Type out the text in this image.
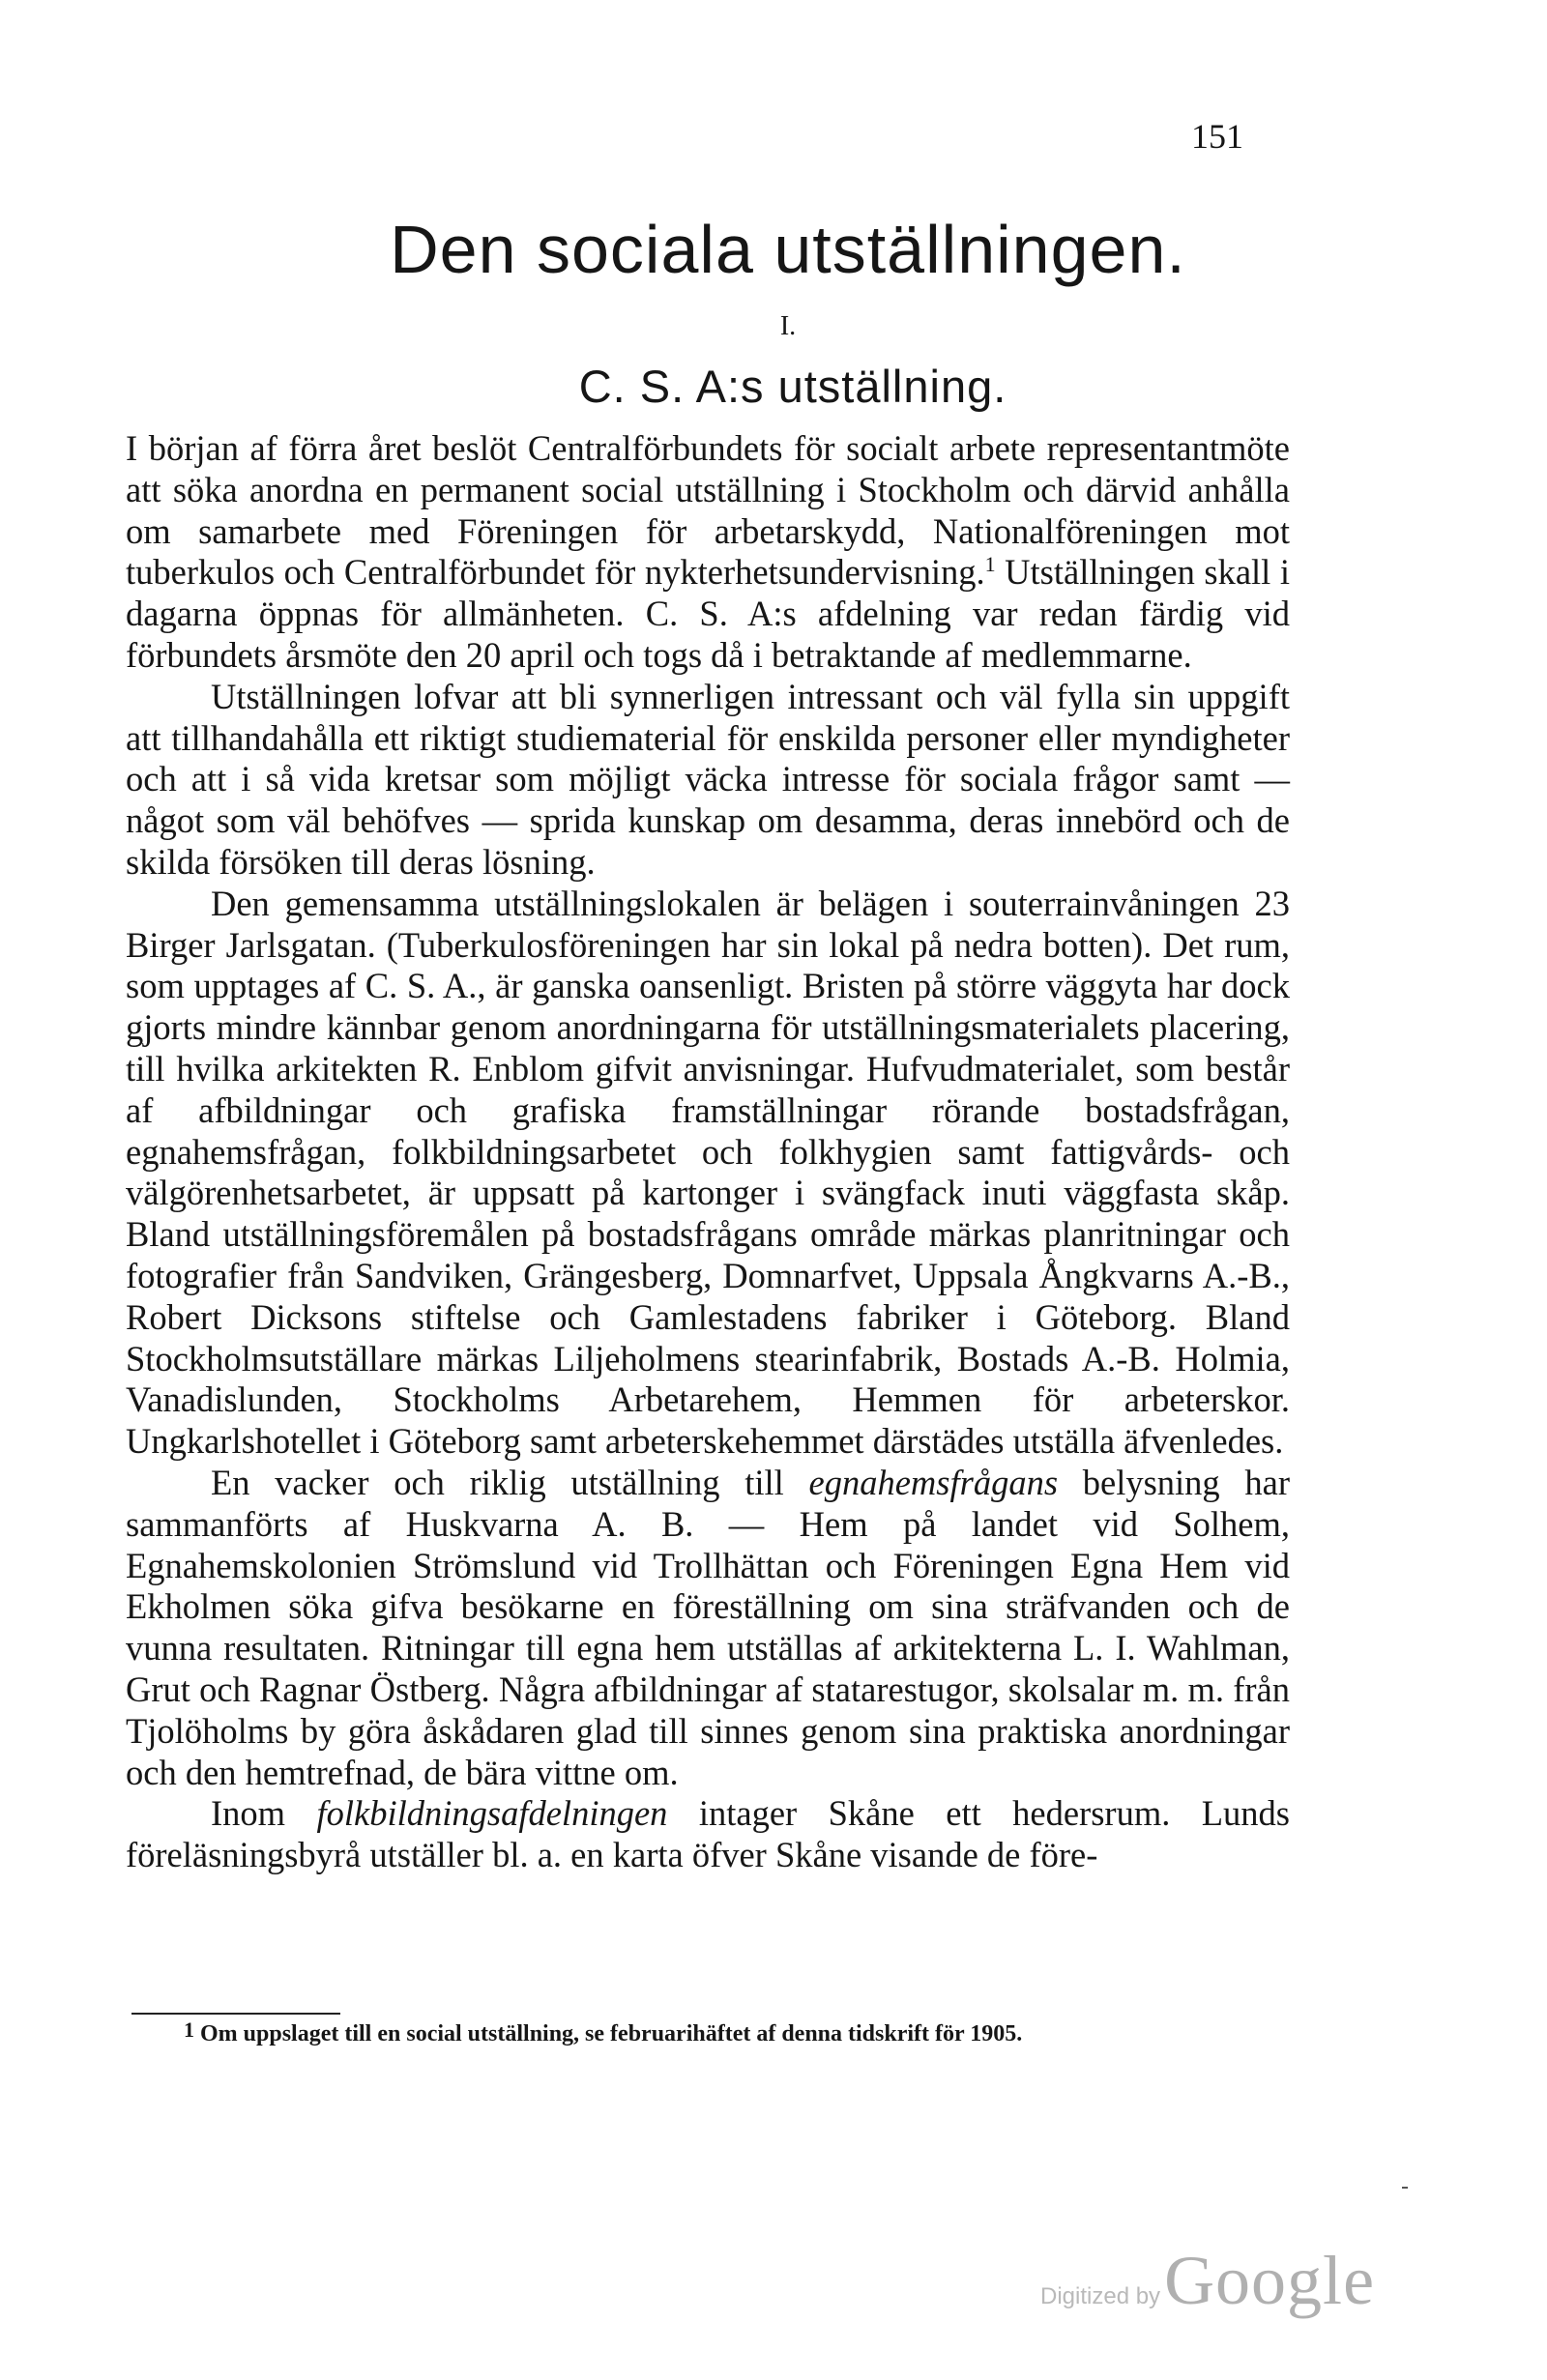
151
Den sociala utställningen.
I.
C. S. A:s utställning.

I början af förra året beslöt Centralförbundets för socialt arbete representantmöte att söka anordna en permanent social utställning i Stockholm och därvid anhålla om samarbete med Föreningen för arbetarskydd, Nationalföreningen mot tuberkulos och Centralförbundet för nykterhetsundervisning.$^1$ Utställningen skall i dagarna öppnas för allmänheten. C. S. A:s afdelning var redan färdig vid förbundets årsmöte den 20 april och togs då i betraktande af medlemmarne.

Utställningen lofvar att bli synnerligen intressant och väl fylla sin uppgift att tillhandahålla ett riktigt studiematerial för enskilda personer eller myndigheter och att i så vida kretsar som möjligt väcka intresse för sociala frågor samt — något som väl behöfves — sprida kunskap om desamma, deras innebörd och de skilda försöken till deras lösning.

Den gemensamma utställningslokalen är belägen i souterrainvåningen 23 Birger Jarlsgatan. (Tuberkulosföreningen har sin lokal på nedra botten). Det rum, som upptages af C. S. A., är ganska oansenligt. Bristen på större väggyta har dock gjorts mindre kännbar genom anordningarna för utställningsmaterialets placering, till hvilka arkitekten R. Enblom gifvit anvisningar. Hufvudmaterialet, som består af afbildningar och grafiska framställningar rörande bostadsfrågan, egnahemsfrågan, folkbildningsarbetet och folkhygien samt fattigvårds- och välgörenhetsarbetet, är uppsatt på kartonger i svängfack inuti väggfasta skåp. Bland utställningsföremålen på bostadsfrågans område märkas planritningar och fotografier från Sandviken, Grängesberg, Domnarfvet, Uppsala Ångkvarns A.-B., Robert Dicksons stiftelse och Gamlestadens fabriker i Göteborg. Bland Stockholmsutställare märkas Liljeholmens stearinfabrik, Bostads A.-B. Holmia, Vanadislunden, Stockholms Arbetarehem, Hemmen för arbeterskor. Ungkarlshotellet i Göteborg samt arbeterskehemmet därstädes utställa äfvenledes.

En vacker och riklig utställning till egnahemsfrågans belysning har sammanförts af Huskvarna A. B. — Hem på landet vid Solhem, Egnahemskolonien Strömslund vid Trollhättan och Föreningen Egna Hem vid Ekholmen söka gifva besökarne en föreställning om sina sträfvanden och de vunna resultaten. Ritningar till egna hem utställas af arkitekterna L. I. Wahlman, Grut och Ragnar Östberg. Några afbildningar af statarestugor, skolsalar m. m. från Tjolöholms by göra åskådaren glad till sinnes genom sina praktiska anordningar och den hemtrefnad, de bära vittne om.

Inom folkbildningsafdelningen intager Skåne ett hedersrum. Lunds föreläsningsbyrå utställer bl. a. en karta öfver Skåne visande de före-

1 Om uppslaget till en social utställning, se februarihäftet af denna tidskrift för 1905.
Digitized by Google
